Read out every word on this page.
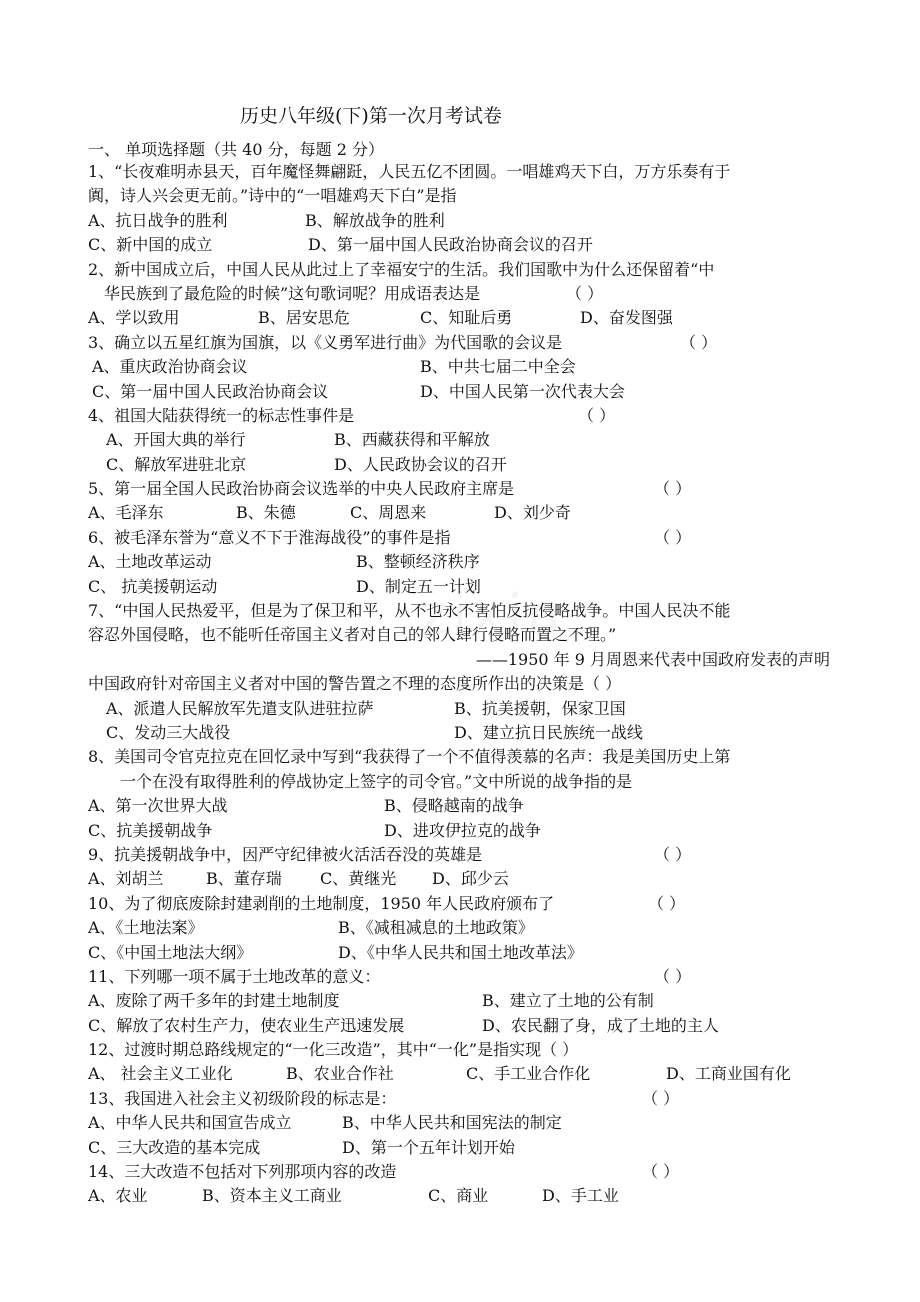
历史八年级(下)第一次月考试卷
一、 单项选择题（共 40 分，每题 2 分）
1、“长夜难明赤县天，百年魔怪舞翩跹，人民五亿不团圆。一唱雄鸡天下白，万方乐奏有于
阗，诗人兴会更无前。”诗中的“一唱雄鸡天下白”是指
A、抗日战争的胜利	B、解放战争的胜利
C、新中国的成立	D、第一届中国人民政治协商会议的召开
2、新中国成立后，中国人民从此过上了幸福安宁的生活。我们国歌中为什么还保留着“中
华民族到了最危险的时候”这句歌词呢？用成语表达是	（ ）
A、学以致用	B、居安思危	C、知耻后勇	D、奋发图强
3、确立以五星红旗为国旗，以《义勇军进行曲》为代国歌的会议是	（ ）
A、重庆政治协商会议	B、中共七届二中全会
C、第一届中国人民政治协商会议	D、中国人民第一次代表大会
4、祖国大陆获得统一的标志性事件是	（ ）
A、开国大典的举行	B、西藏获得和平解放
C、解放军进驻北京	D、人民政协会议的召开
5、第一届全国人民政治协商会议选举的中央人民政府主席是	（ ）
A、毛泽东	B、朱德	C、周恩来	D、刘少奇
6、被毛泽东誉为“意义不下于淮海战役”的事件是指	（ ）
A、土地改革运动	B、整顿经济秩序
C、 抗美援朝运动	D、制定五一计划
7、“中国人民热爱平，但是为了保卫和平，从不也永不害怕反抗侵略战争。中国人民决不能
容忍外国侵略，也不能听任帝国主义者对自己的邻人肆行侵略而置之不理。”
——1950 年 9 月周恩来代表中国政府发表的声明
中国政府针对帝国主义者对中国的警告置之不理的态度所作出的决策是（ ）
A、派遣人民解放军先遣支队进驻拉萨	B、抗美援朝，保家卫国
C、发动三大战役	D、建立抗日民族统一战线
8、美国司令官克拉克在回忆录中写到“我获得了一个不值得羡慕的名声：我是美国历史上第
一个在没有取得胜利的停战协定上签字的司令官。”文中所说的战争指的是
A、第一次世界大战	B、侵略越南的战争
C、抗美援朝战争	D、进攻伊拉克的战争
9、抗美援朝战争中，因严守纪律被火活活吞没的英雄是	（ ）
A、刘胡兰	B、董存瑞 C、黄继光 D、邱少云
10、为了彻底废除封建剥削的土地制度，1950 年人民政府颁布了	（ ）
A、《土地法案》	B、《减租减息的土地政策》
C、《中国土地法大纲》	D、《中华人民共和国土地改革法》
11、下列哪一项不属于土地改革的意义：	（ ）
A、废除了两千多年的封建土地制度	B、建立了土地的公有制
C、解放了农村生产力，使农业生产迅速发展	D、农民翻了身，成了土地的主人
12、过渡时期总路线规定的“一化三改造”，其中“一化”是指实现（ ）
A、 社会主义工业化	B、农业合作社	C、手工业合作化	D、工商业国有化
13、我国进入社会主义初级阶段的标志是：	（ ）
A、中华人民共和国宣告成立	B、中华人民共和国宪法的制定
C、三大改造的基本完成	D、第一个五年计划开始
14、三大改造不包括对下列那项内容的改造	（ ）
A、农业	B、资本主义工商业	C、商业	D、手工业
